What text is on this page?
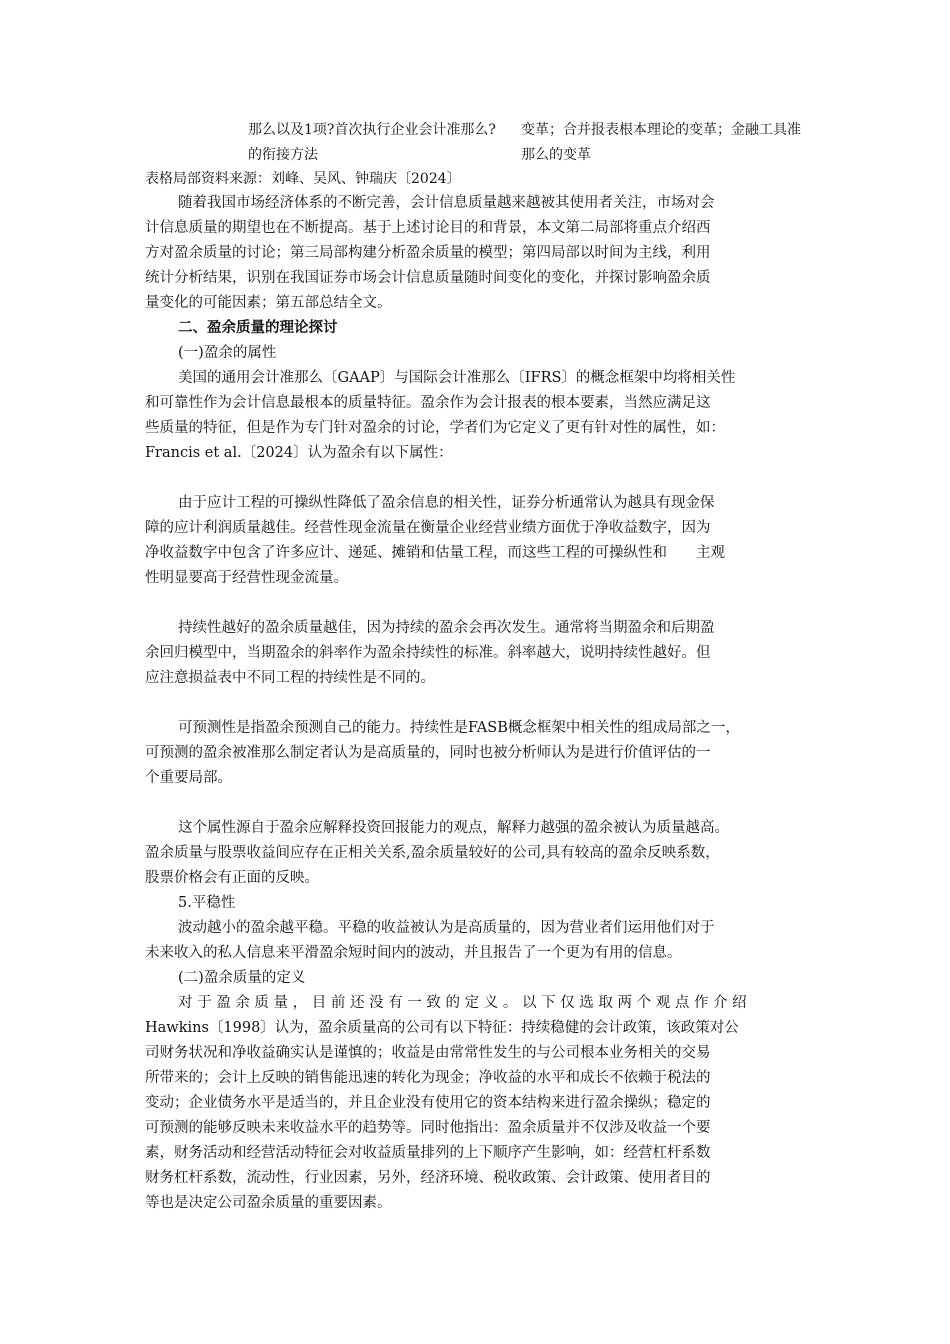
那么以及1项?首次执行企业会计准那么?
的衔接方法
变革；合并报表根本理论的变革；金融工具准
那么的变革
表格局部资料来源：刘峰、吴风、钟瑞庆〔2024〕
随着我国市场经济体系的不断完善，会计信息质量越来越被其使用者关注，市场对会
计信息质量的期望也在不断提高。基于上述讨论目的和背景，本文第二局部将重点介绍西
方对盈余质量的讨论；第三局部构建分析盈余质量的模型；第四局部以时间为主线，利用
统计分析结果，识别在我国证券市场会计信息质量随时间变化的变化，并探讨影响盈余质
量变化的可能因素；第五部总结全文。
二、盈余质量的理论探讨
(一)盈余的属性
美国的通用会计准那么〔GAAP〕与国际会计准那么〔IFRS〕的概念框架中均将相关性
和可靠性作为会计信息最根本的质量特征。盈余作为会计报表的根本要素，当然应满足这
些质量的特征，但是作为专门针对盈余的讨论，学者们为它定义了更有针对性的属性，如：
Francis et al.〔2024〕认为盈余有以下属性：
由于应计工程的可操纵性降低了盈余信息的相关性，证券分析通常认为越具有现金保
障的应计利润质量越佳。经营性现金流量在衡量企业经营业绩方面优于净收益数字，因为
净收益数字中包含了许多应计、递延、摊销和估量工程，而这些工程的可操纵性和　　主观
性明显要高于经营性现金流量。
持续性越好的盈余质量越佳，因为持续的盈余会再次发生。通常将当期盈余和后期盈
余回归模型中，当期盈余的斜率作为盈余持续性的标准。斜率越大，说明持续性越好。但
应注意损益表中不同工程的持续性是不同的。
可预测性是指盈余预测自己的能力。持续性是FASB概念框架中相关性的组成局部之一，
可预测的盈余被准那么制定者认为是高质量的，同时也被分析师认为是进行价值评估的一
个重要局部。
这个属性源自于盈余应解释投资回报能力的观点，解释力越强的盈余被认为质量越高。
盈余质量与股票收益间应存在正相关关系,盈余质量较好的公司,具有较高的盈余反映系数，
股票价格会有正面的反映。
5.平稳性
波动越小的盈余越平稳。平稳的收益被认为是高质量的，因为营业者们运用他们对于
未来收入的私人信息来平滑盈余短时间内的波动，并且报告了一个更为有用的信息。
(二)盈余质量的定义
对 于 盈 余 质 量 ， 目 前 还 没 有 一 致 的 定 义 。 以 下 仅 选 取 两 个 观 点 作 介 绍
Hawkins〔1998〕认为，盈余质量高的公司有以下特征：持续稳健的会计政策，该政策对公
司财务状况和净收益确实认是谨慎的；收益是由常常性发生的与公司根本业务相关的交易
所带来的；会计上反映的销售能迅速的转化为现金；净收益的水平和成长不依赖于税法的
变动；企业债务水平是适当的，并且企业没有使用它的资本结构来进行盈余操纵；稳定的
可预测的能够反映未来收益水平的趋势等。同时他指出：盈余质量并不仅涉及收益一个要
素，财务活动和经营活动特征会对收益质量排列的上下顺序产生影响，如：经营杠杆系数
财务杠杆系数，流动性，行业因素，另外，经济环境、税收政策、会计政策、使用者目的
等也是决定公司盈余质量的重要因素。
